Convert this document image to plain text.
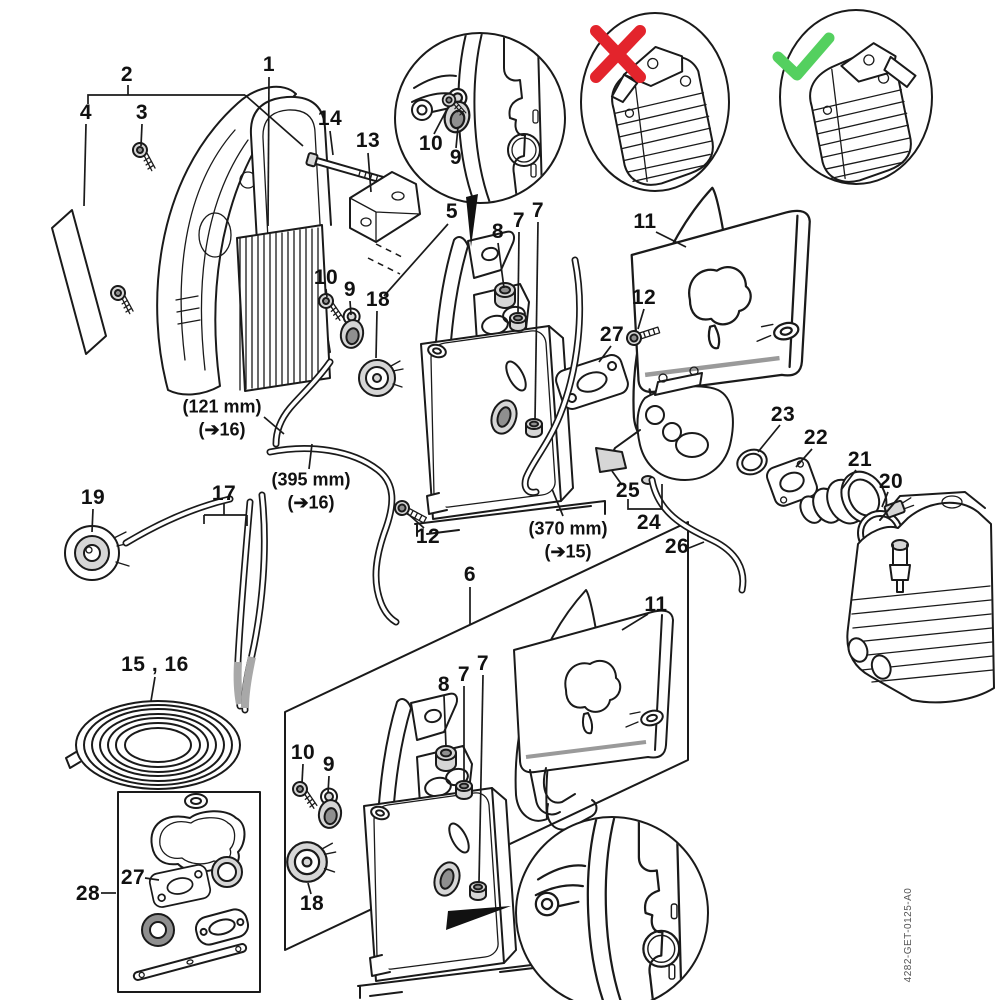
2	1
4 3	14
13 10
9
5
8 7 7	11
12
27
10
9 18
12
23
22
21
20
25
24
26
19	17
15 , 16
6
8 7 7
11
10
9
18
27
28
(121 mm)
(➔16)
(395 mm)
(➔16)
(370 mm)
(➔15)
4282-GET-0125-A0
